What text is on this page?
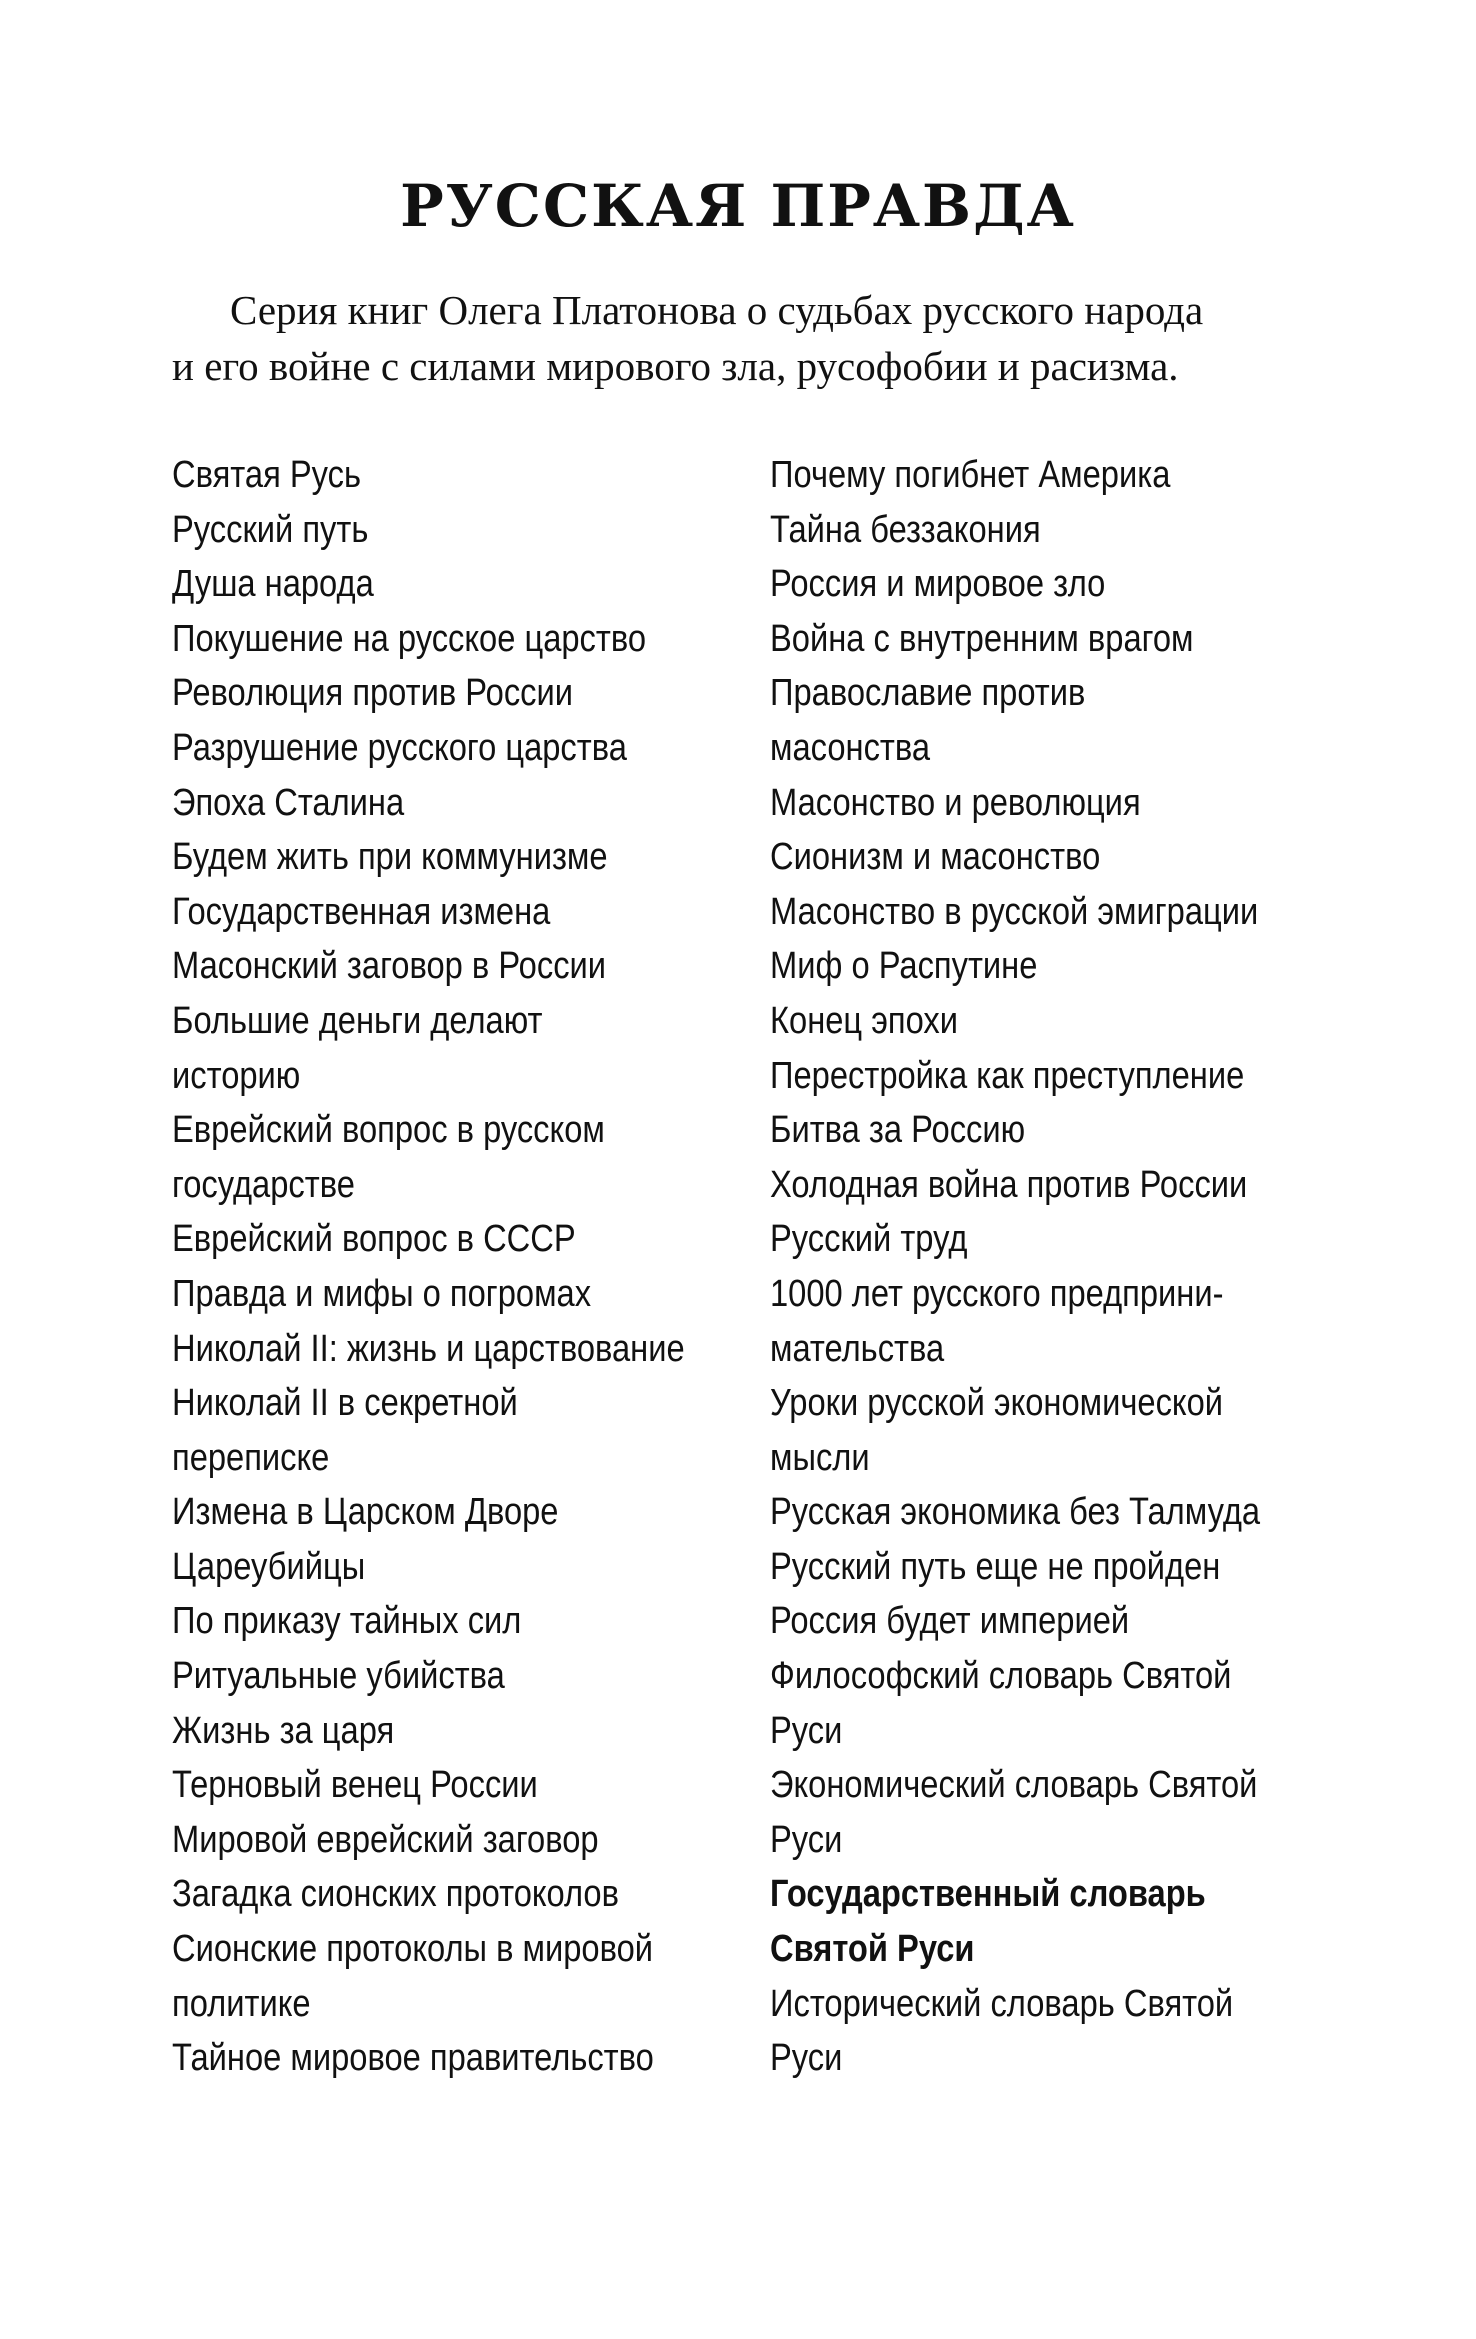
РУССКАЯ ПРАВДА

Серия книг Олега Платонова о судьбах русского народа
и его войне с силами мирового зла, русофобии и расизма.

Святая Русь
Русский путь
Душа народа
Покушение на русское царство
Революция против России
Разрушение русского царства
Эпоха Сталина
Будем жить при коммунизме
Государственная измена
Масонский заговор в России
Большие деньги делают
историю
Еврейский вопрос в русском
государстве
Еврейский вопрос в СССР
Правда и мифы о погромах
Николай II: жизнь и царствование
Николай II в секретной
переписке
Измена в Царском Дворе
Цареубийцы
По приказу тайных сил
Ритуальные убийства
Жизнь за царя
Терновый венец России
Мировой еврейский заговор
Загадка сионских протоколов
Сионские протоколы в мировой
политике
Тайное мировое правительство
Почему погибнет Америка
Тайна беззакония
Россия и мировое зло
Война с внутренним врагом
Православие против
масонства
Масонство и революция
Сионизм и масонство
Масонство в русской эмиграции
Миф о Распутине
Конец эпохи
Перестройка как преступление
Битва за Россию
Холодная война против России
Русский труд
1000 лет русского предприни-
мательства
Уроки русской экономической
мысли
Русская экономика без Талмуда
Русский путь еще не пройден
Россия будет империей
Философский словарь Святой
Руси
Экономический словарь Святой
Руси
Государственный словарь
Святой Руси
Исторический словарь Святой
Руси
